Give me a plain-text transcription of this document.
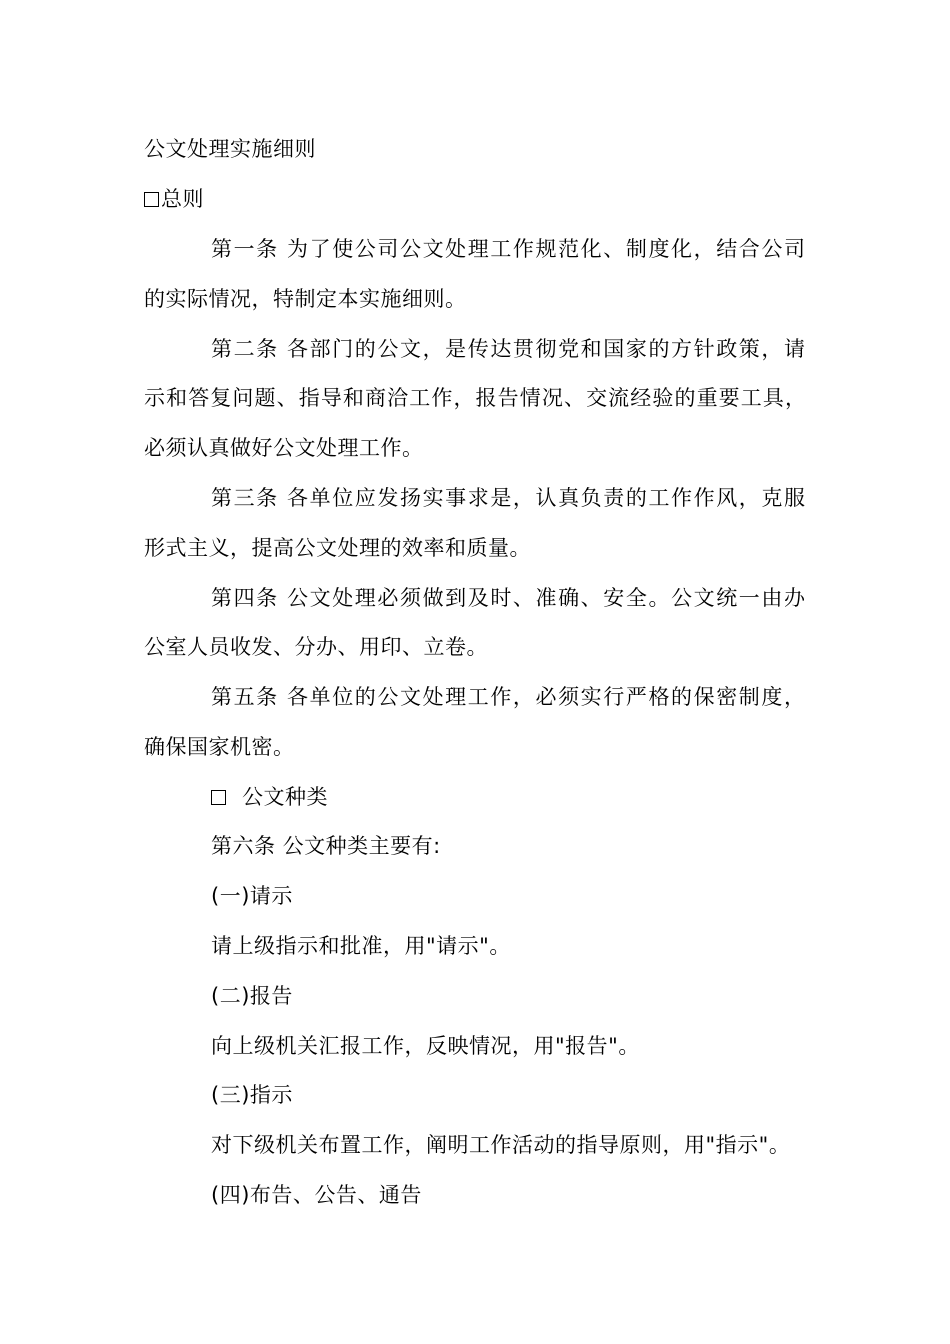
公文处理实施细则
总则
第一条 为了使公司公文处理工作规范化、制度化，结合公司
的实际情况，特制定本实施细则。
第二条 各部门的公文，是传达贯彻党和国家的方针政策，请
示和答复问题、指导和商洽工作，报告情况、交流经验的重要工具，
必须认真做好公文处理工作。
第三条 各单位应发扬实事求是，认真负责的工作作风，克服
形式主义，提高公文处理的效率和质量。
第四条 公文处理必须做到及时、准确、安全。公文统一由办
公室人员收发、分办、用印、立卷。
第五条 各单位的公文处理工作，必须实行严格的保密制度，
确保国家机密。
公文种类
第六条 公文种类主要有:
(一)请示
请上级指示和批准，用"请示"。
(二)报告
向上级机关汇报工作，反映情况，用"报告"。
(三)指示
对下级机关布置工作，阐明工作活动的指导原则，用"指示"。
(四)布告、公告、通告
